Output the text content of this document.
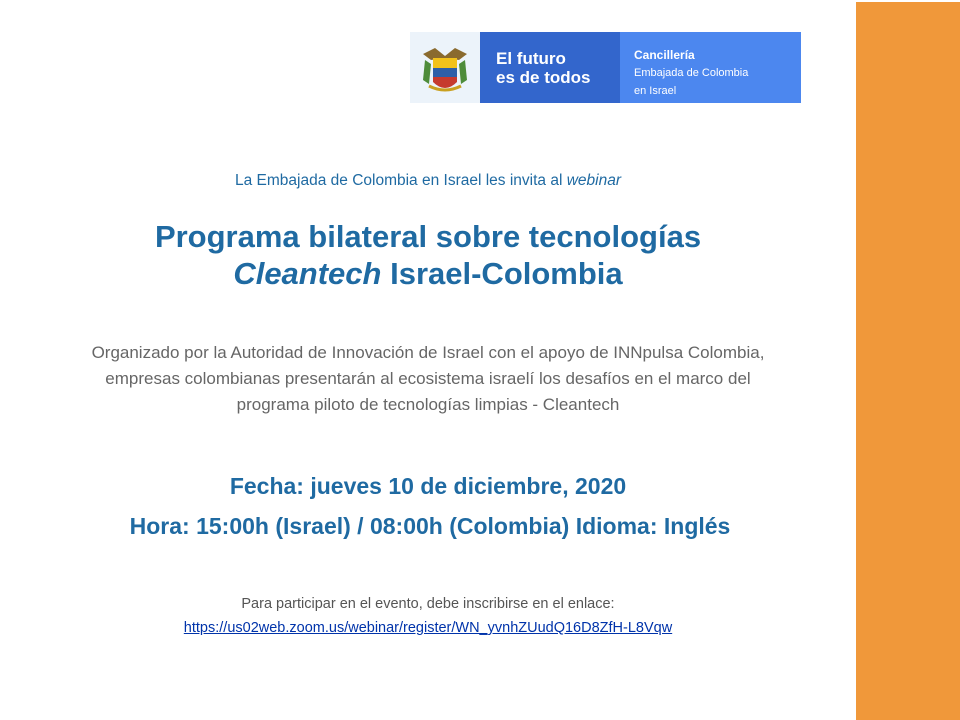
El futuro
es de todos
Cancillería
Embajada de Colombia
en Israel
La Embajada de Colombia en Israel les invita al webinar
Programa bilateral sobre tecnologías
Cleantech Israel-Colombia
Organizado por la Autoridad de Innovación de Israel con el apoyo de INNpulsa Colombia, empresas colombianas presentarán al ecosistema israelí los desafíos en el marco del programa piloto de tecnologías limpias - Cleantech
Fecha: jueves 10 de diciembre, 2020
Hora: 15:00h (Israel) / 08:00h (Colombia) Idioma: Inglés
Para participar en el evento, debe inscribirse en el enlace:
https://us02web.zoom.us/webinar/register/WN_yvnhZUudQ16D8ZfH-L8Vqw
